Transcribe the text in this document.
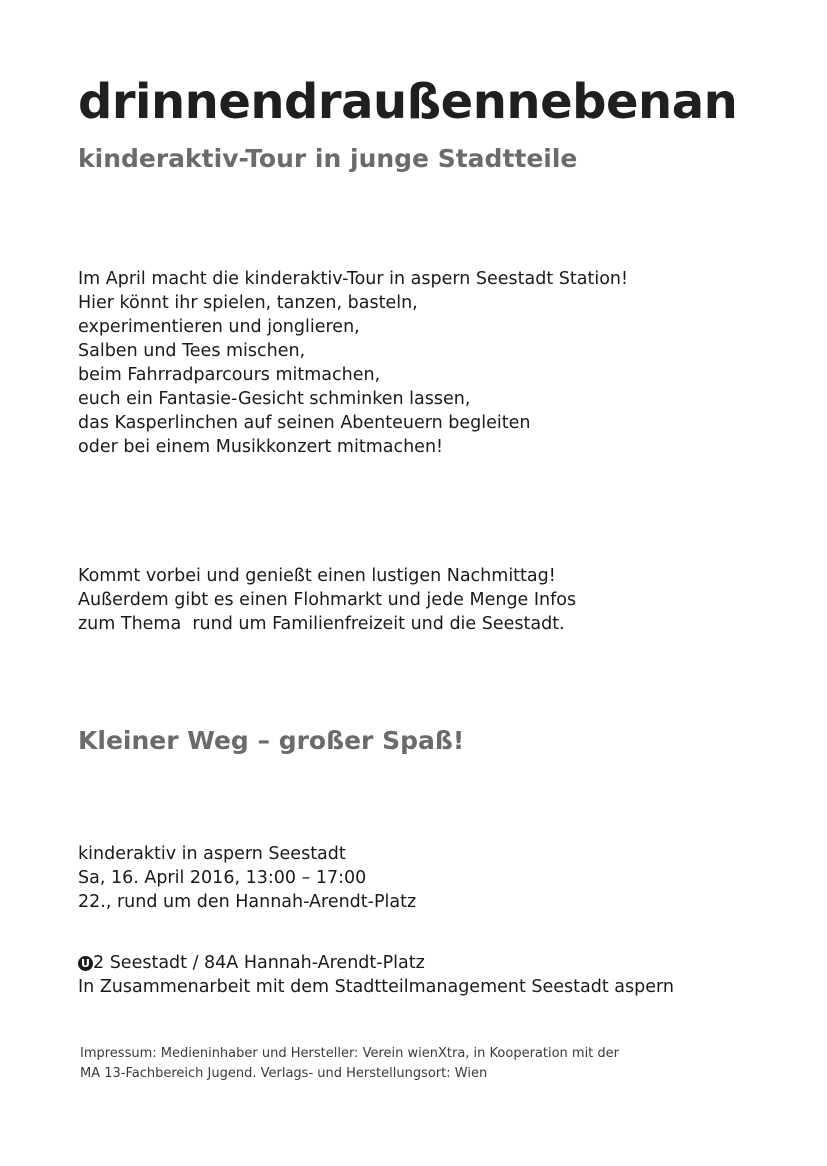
drinnendraußennebenan
kinderaktiv-Tour in junge Stadtteile

Im April macht die kinderaktiv-Tour in aspern Seestadt Station!
Hier könnt ihr spielen, tanzen, basteln,
experimentieren und jonglieren,
Salben und Tees mischen,
beim Fahrradparcours mitmachen,
euch ein Fantasie-Gesicht schminken lassen,
das Kasperlinchen auf seinen Abenteuern begleiten
oder bei einem Musikkonzert mitmachen!

Kommt vorbei und genießt einen lustigen Nachmittag!
Außerdem gibt es einen Flohmarkt und jede Menge Infos
zum Thema  rund um Familienfreizeit und die Seestadt.

Kleiner Weg – großer Spaß!

kinderaktiv in aspern Seestadt
Sa, 16. April 2016, 13:00 – 17:00
22., rund um den Hannah-Arendt-Platz

U 2 Seestadt / 84A Hannah-Arendt-Platz
In Zusammenarbeit mit dem Stadtteilmanagement Seestadt aspern

Impressum: Medieninhaber und Hersteller: Verein wienXtra, in Kooperation mit der
MA 13-Fachbereich Jugend. Verlags- und Herstellungsort: Wien
